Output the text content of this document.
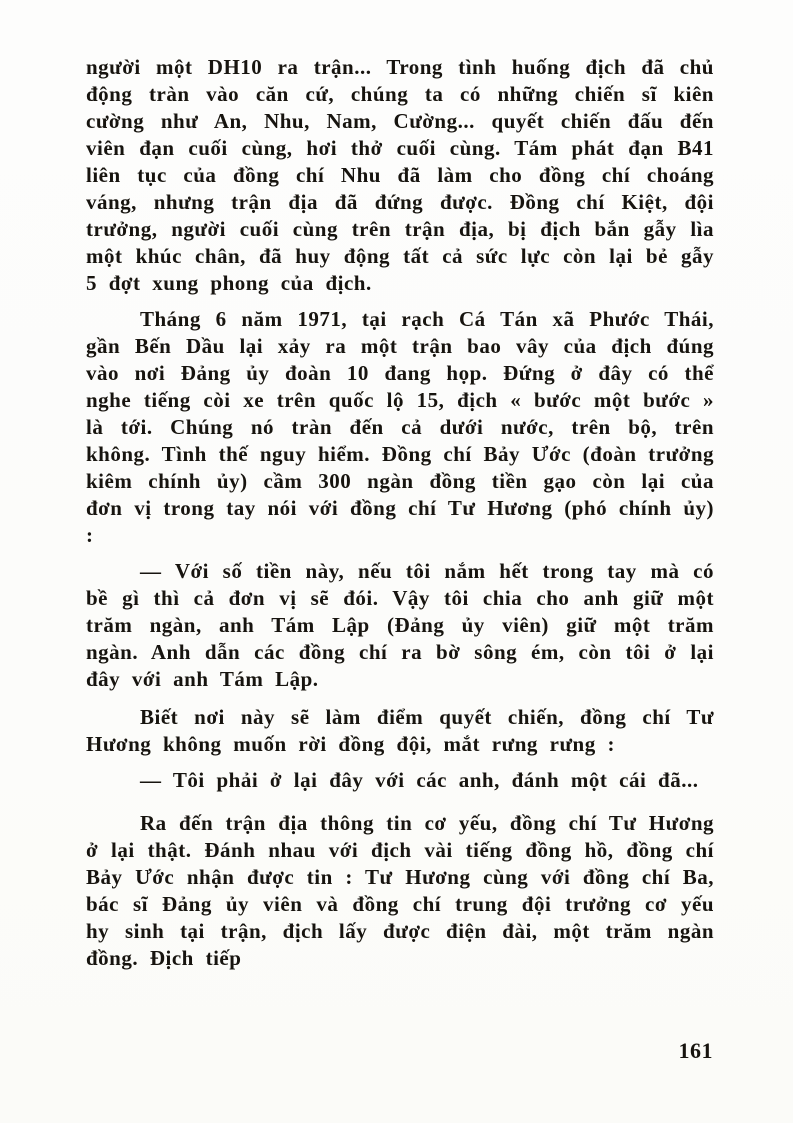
người một DH10 ra trận... Trong tình huống địch đã chủ động tràn vào căn cứ, chúng ta có những chiến sĩ kiên cường như An, Nhu, Nam, Cường... quyết chiến đấu đến viên đạn cuối cùng, hơi thở cuối cùng. Tám phát đạn B41 liên tục của đồng chí Nhu đã làm cho đồng chí choáng váng, nhưng trận địa đã đứng được. Đồng chí Kiệt, đội trưởng, người cuối cùng trên trận địa, bị địch bắn gẫy lìa một khúc chân, đã huy động tất cả sức lực còn lại bẻ gẫy 5 đợt xung phong của địch.

Tháng 6 năm 1971, tại rạch Cá Tán xã Phước Thái, gần Bến Dầu lại xảy ra một trận bao vây của địch đúng vào nơi Đảng ủy đoàn 10 đang họp. Đứng ở đây có thể nghe tiếng còi xe trên quốc lộ 15, địch « bước một bước » là tới. Chúng nó tràn đến cả dưới nước, trên bộ, trên không. Tình thế nguy hiểm. Đồng chí Bảy Ước (đoàn trưởng kiêm chính ủy) cầm 300 ngàn đồng tiền gạo còn lại của đơn vị trong tay nói với đồng chí Tư Hương (phó chính ủy) :

— Với số tiền này, nếu tôi nắm hết trong tay mà có bề gì thì cả đơn vị sẽ đói. Vậy tôi chia cho anh giữ một trăm ngàn, anh Tám Lập (Đảng ủy viên) giữ một trăm ngàn. Anh dẫn các đồng chí ra bờ sông ém, còn tôi ở lại đây với anh Tám Lập.

Biết nơi này sẽ làm điểm quyết chiến, đồng chí Tư Hương không muốn rời đồng đội, mắt rưng rưng :

— Tôi phải ở lại đây với các anh, đánh một cái đã...

Ra đến trận địa thông tin cơ yếu, đồng chí Tư Hương ở lại thật. Đánh nhau với địch vài tiếng đồng hồ, đồng chí Bảy Ước nhận được tin : Tư Hương cùng với đồng chí Ba, bác sĩ Đảng ủy viên và đồng chí trung đội trưởng cơ yếu hy sinh tại trận, địch lấy được điện đài, một trăm ngàn đồng. Địch tiếp

161
